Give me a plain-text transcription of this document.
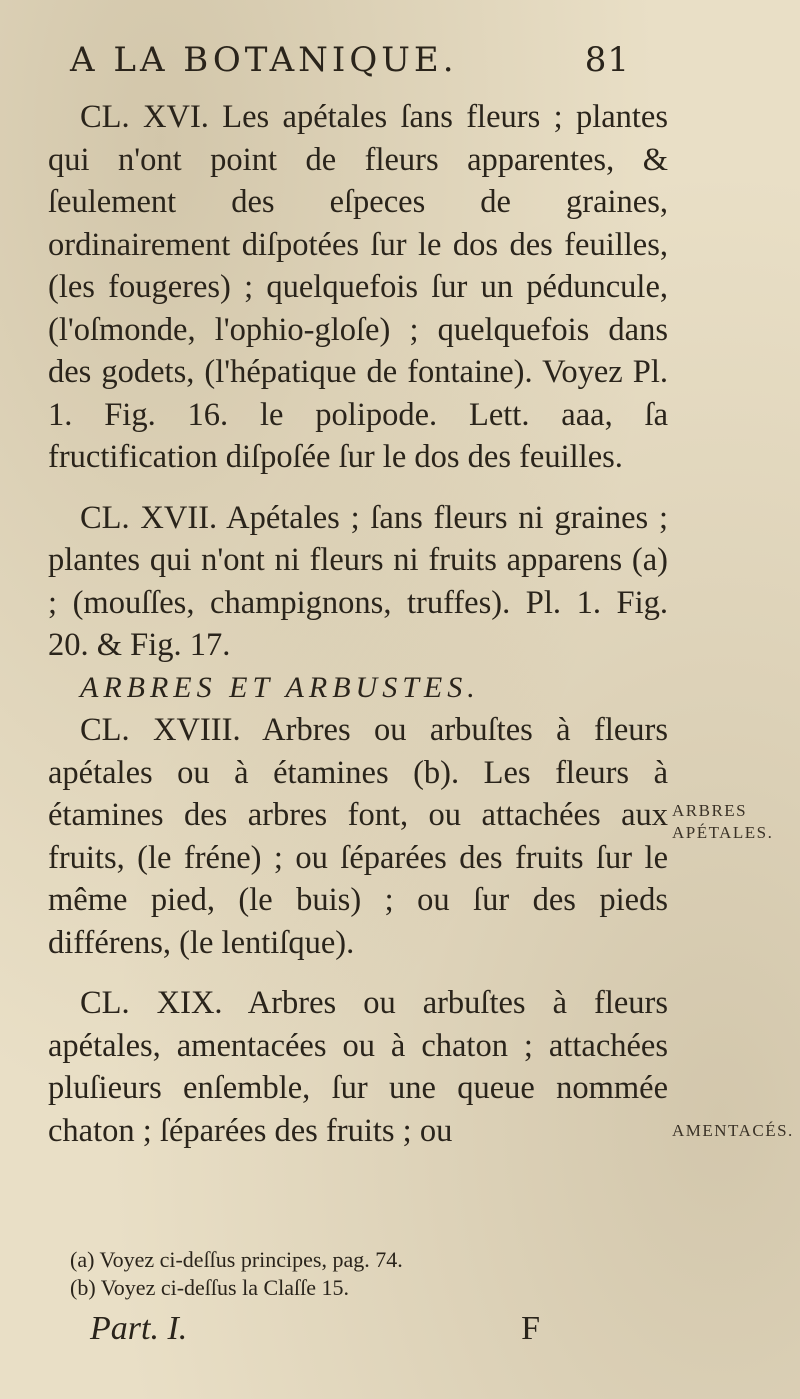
A LA BOTANIQUE.	81

CL. XVI. Les apétales ſans fleurs ; plantes qui n'ont point de fleurs apparentes, & ſeulement des eſpeces de graines, ordinairement diſpotées ſur le dos des feuilles, (les fougeres) ; quelquefois ſur un péduncule, (l'oſmonde, l'ophio-gloſe) ; quelquefois dans des godets, (l'hépatique de fontaine). Voyez Pl. 1. Fig. 16. le polipode. Lett. aaa, ſa fructification diſpoſée ſur le dos des feuilles.

CL. XVII. Apétales ; ſans fleurs ni graines ; plantes qui n'ont ni fleurs ni fruits apparens (a) ; (mouſſes, champignons, truffes). Pl. 1. Fig. 20. & Fig. 17.

ARBRES ET ARBUSTES.

CL. XVIII. Arbres ou arbuſtes à fleurs apétales ou à étamines (b). Les fleurs à étamines des arbres font, ou attachées aux fruits, (le fréne) ; ou ſéparées des fruits ſur le même pied, (le buis) ; ou ſur des pieds différens, (le lentiſque).

CL. XIX. Arbres ou arbuſtes à fleurs apétales, amentacées ou à chaton ; attachées pluſieurs enſemble, ſur une queue nommée chaton ; ſéparées des fruits ; ou

ARBRES APÉTALES.
AMENTACÉS.
(a) Voyez ci-deſſus principes, pag. 74.
(b) Voyez ci-deſſus la Claſſe 15.
Part. I.	F
